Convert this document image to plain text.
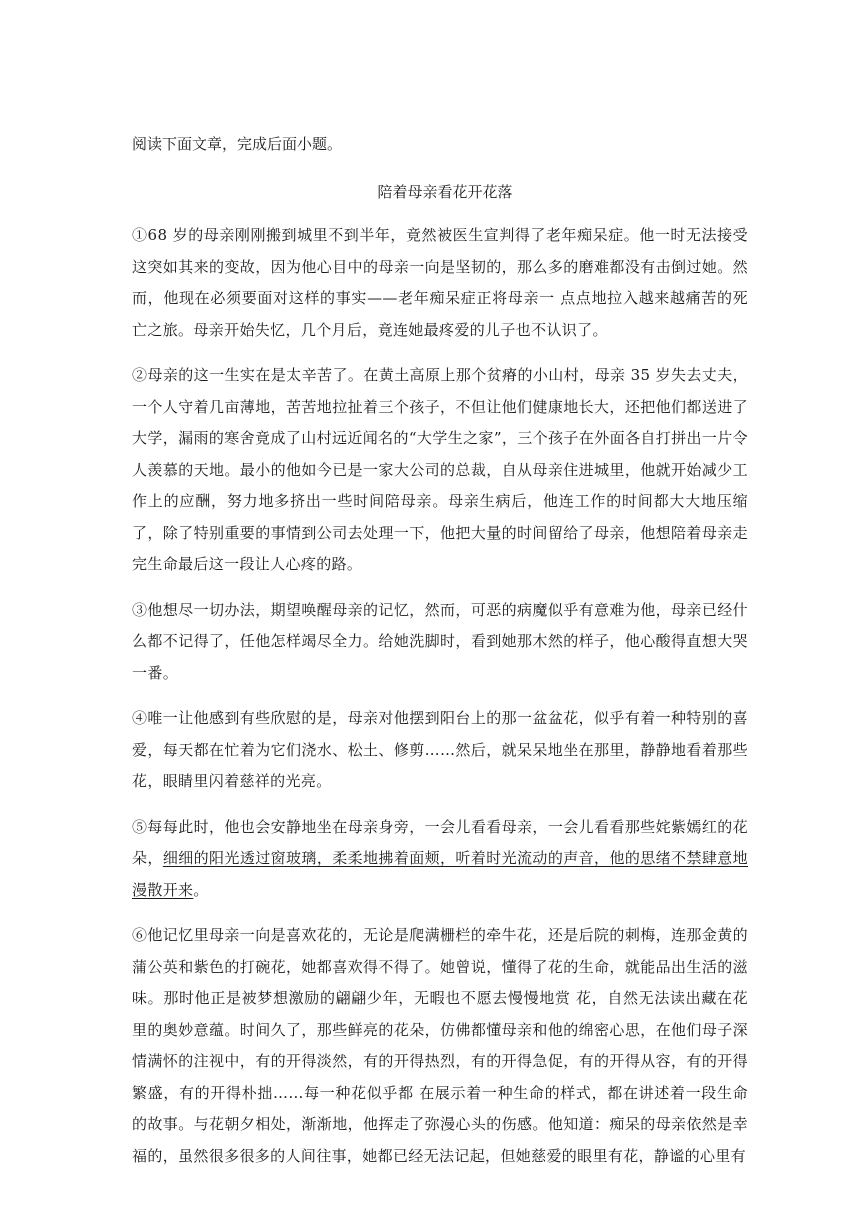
阅读下面文章，完成后面小题。

陪着母亲看花开花落

①68 岁的母亲刚刚搬到城里不到半年，竟然被医生宣判得了老年痴呆症。他一时无法接受这突如其来的变故，因为他心目中的母亲一向是坚韧的，那么多的磨难都没有击倒过她。然而，他现在必须要面对这样的事实——老年痴呆症正将母亲一 点点地拉入越来越痛苦的死亡之旅。母亲开始失忆，几个月后，竟连她最疼爱的儿子也不认识了。

②母亲的这一生实在是太辛苦了。在黄土高原上那个贫瘠的小山村，母亲 35 岁失去丈夫，一个人守着几亩薄地，苦苦地拉扯着三个孩子，不但让他们健康地长大，还把他们都送进了大学，漏雨的寒舍竟成了山村远近闻名的“大学生之家”，三个孩子在外面各自打拼出一片令人羡慕的天地。最小的他如今已是一家大公司的总裁，自从母亲住进城里，他就开始减少工作上的应酬，努力地多挤出一些时间陪母亲。母亲生病后，他连工作的时间都大大地压缩了，除了特别重要的事情到公司去处理一下，他把大量的时间留给了母亲，他想陪着母亲走完生命最后这一段让人心疼的路。

③他想尽一切办法，期望唤醒母亲的记忆，然而，可恶的病魔似乎有意难为他，母亲已经什么都不记得了，任他怎样竭尽全力。给她洗脚时，看到她那木然的样子，他心酸得直想大哭一番。

④唯一让他感到有些欣慰的是，母亲对他摆到阳台上的那一盆盆花，似乎有着一种特别的喜爱，每天都在忙着为它们浇水、松土、修剪……然后，就呆呆地坐在那里，静静地看着那些花，眼睛里闪着慈祥的光亮。

⑤每每此时，他也会安静地坐在母亲身旁，一会儿看看母亲，一会儿看看那些姹紫嫣红的花朵，细细的阳光透过窗玻璃，柔柔地拂着面颊，听着时光流动的声音，他的思绪不禁肆意地漫散开来。

⑥他记忆里母亲一向是喜欢花的，无论是爬满栅栏的牵牛花，还是后院的刺梅，连那金黄的蒲公英和紫色的打碗花，她都喜欢得不得了。她曾说，懂得了花的生命，就能品出生活的滋味。那时他正是被梦想激励的翩翩少年，无暇也不愿去慢慢地赏 花，自然无法读出藏在花里的奥妙意蕴。时间久了，那些鲜亮的花朵，仿佛都懂母亲和他的绵密心思，在他们母子深情满怀的注视中，有的开得淡然，有的开得热烈，有的开得急促，有的开得从容，有的开得繁盛，有的开得朴拙……每一种花似乎都 在展示着一种生命的样式，都在讲述着一段生命的故事。与花朝夕相处，渐渐地，他挥走了弥漫心头的伤感。他知道：痴呆的母亲依然是幸福的，虽然很多很多的人间往事，她都已经无法记起，但她慈爱的眼里有花，静谧的心里有
